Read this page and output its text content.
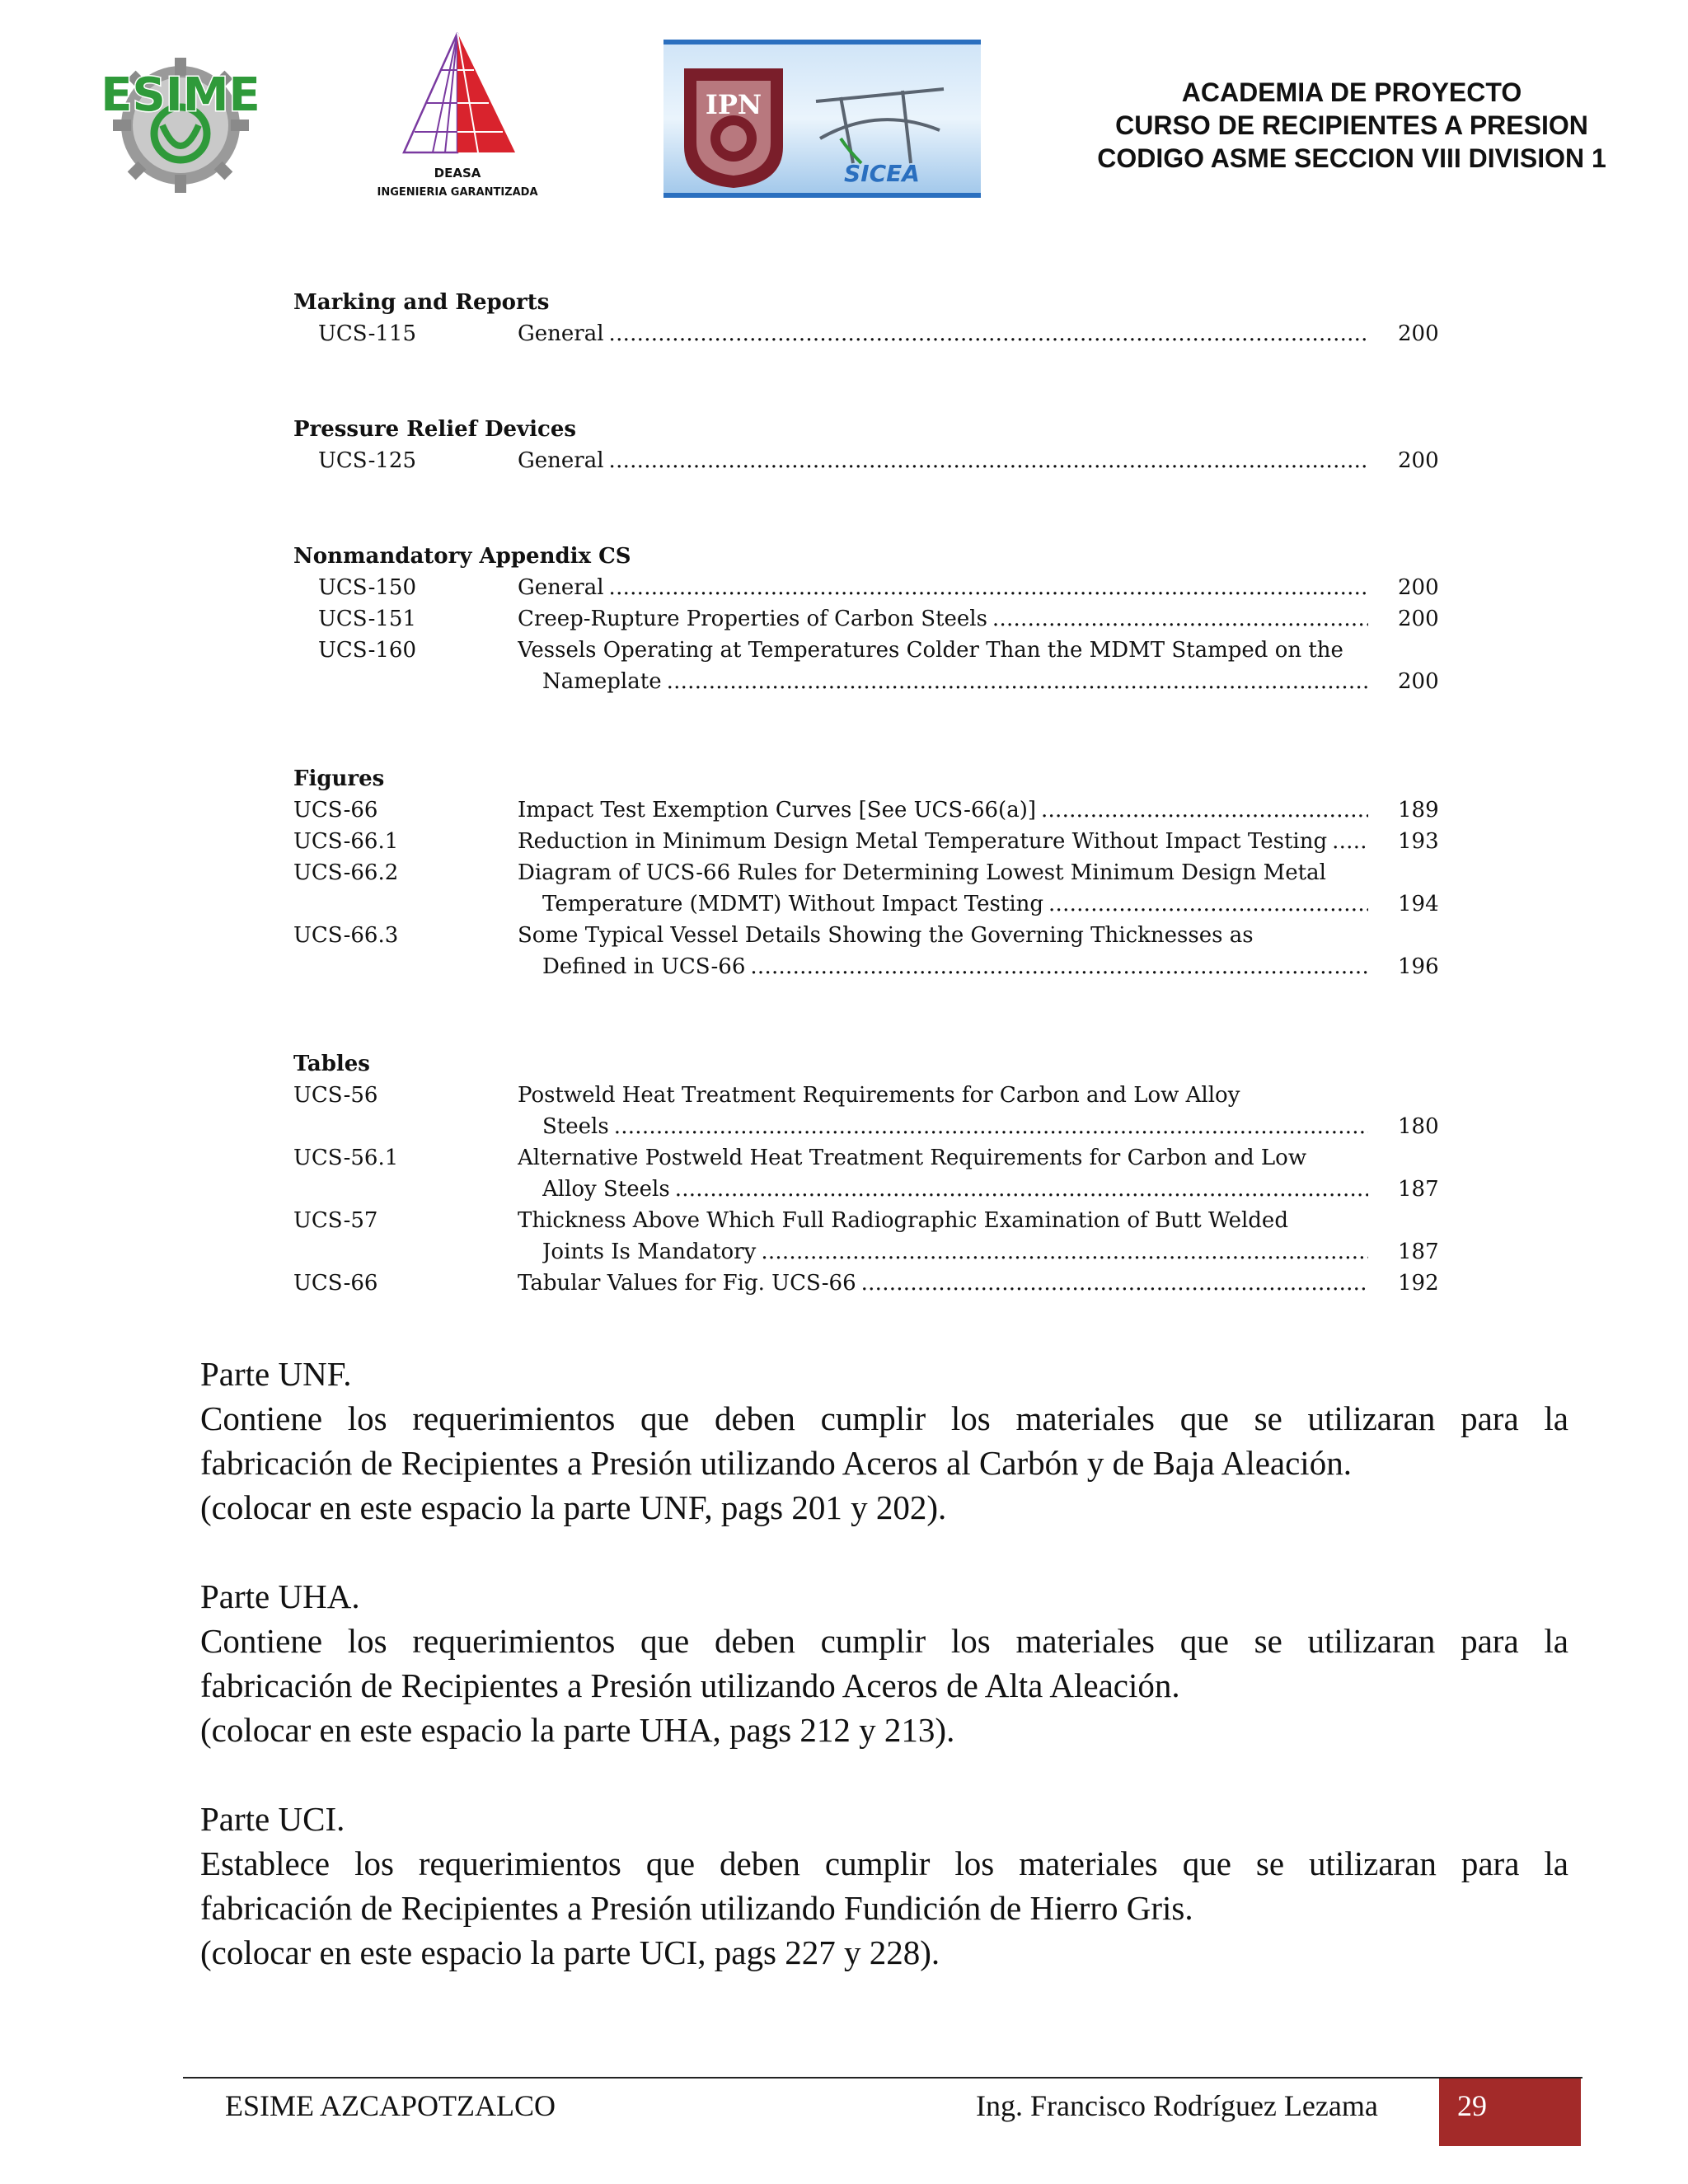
ESIME
DEASA
INGENIERIA GARANTIZADA
IPN
SICEA
ACADEMIA DE PROYECTO
CURSO DE RECIPIENTES A PRESION
CODIGO ASME SECCION VIII DIVISION 1
Marking and Reports
UCS-115	General . . .	200
Pressure Relief Devices
UCS-125	General . . .	200
Nonmandatory Appendix CS
UCS-150	General . . .	200
UCS-151	Creep-Rupture Properties of Carbon Steels . . .	200
UCS-160	Vessels Operating at Temperatures Colder Than the MDMT Stamped on the
Nameplate . . .	200
Figures
UCS-66	Impact Test Exemption Curves [See UCS-66(a)] . . .	189
UCS-66.1	Reduction in Minimum Design Metal Temperature Without Impact Testing . . .	193
UCS-66.2	Diagram of UCS-66 Rules for Determining Lowest Minimum Design Metal
Temperature (MDMT) Without Impact Testing . . .	194
UCS-66.3	Some Typical Vessel Details Showing the Governing Thicknesses as
Defined in UCS-66 . . .	196
Tables
UCS-56	Postweld Heat Treatment Requirements for Carbon and Low Alloy
Steels . . .	180
UCS-56.1	Alternative Postweld Heat Treatment Requirements for Carbon and Low
Alloy Steels . . .	187
UCS-57	Thickness Above Which Full Radiographic Examination of Butt Welded
Joints Is Mandatory . . .	187
UCS-66	Tabular Values for Fig. UCS-66 . . .	192
Parte UNF.
Contiene los requerimientos que deben cumplir los materiales que se utilizaran para la
fabricación de Recipientes a Presión utilizando Aceros al Carbón y de Baja Aleación.
(colocar en este espacio la parte UNF, pags 201 y 202).
Parte UHA.
Contiene los requerimientos que deben cumplir los materiales que se utilizaran para la
fabricación de Recipientes a Presión utilizando Aceros de Alta Aleación.
(colocar en este espacio la parte UHA, pags 212 y 213).
Parte UCI.
Establece los requerimientos que deben cumplir los materiales que se utilizaran para la
fabricación de Recipientes a Presión utilizando Fundición de Hierro Gris.
(colocar en este espacio la parte UCI, pags 227 y 228).
ESIME AZCAPOTZALCO	Ing. Francisco Rodríguez Lezama	29
